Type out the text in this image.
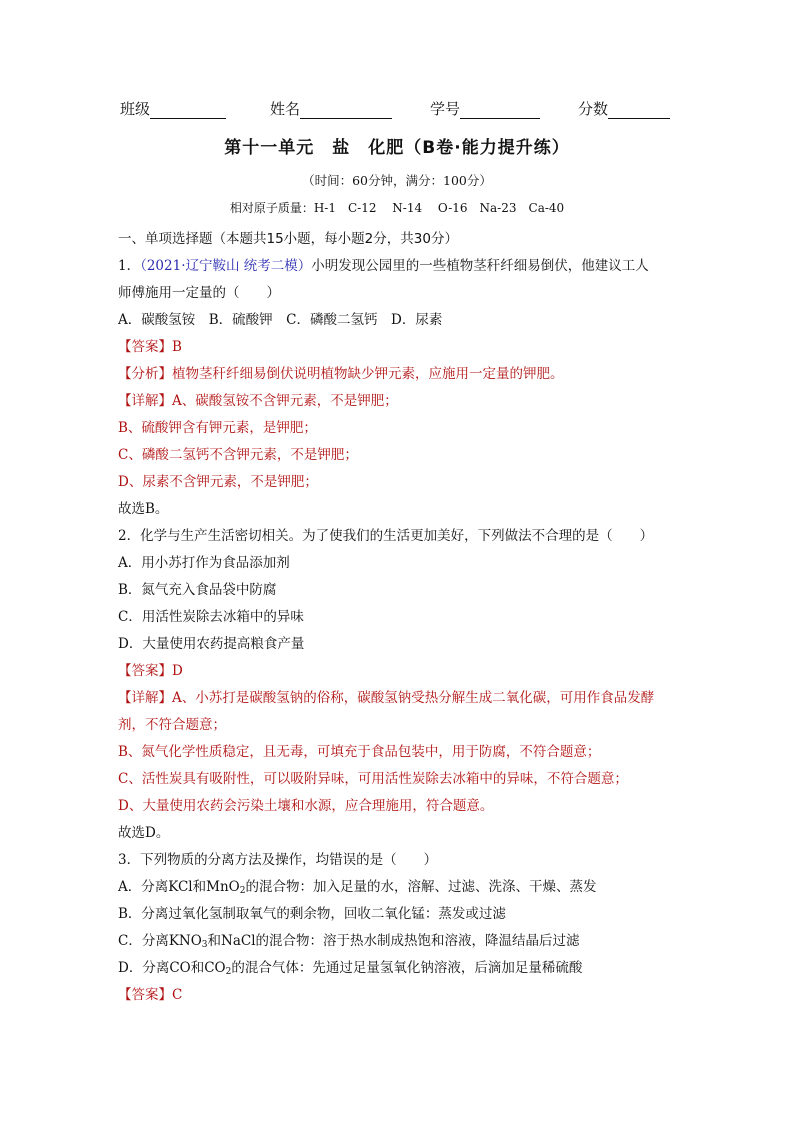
班级	姓名	学号	分数
第十一单元　盐　化肥（B卷·能力提升练）
（时间：60分钟，满分：100分）
相对原子质量：H-1　C-12　 N-14　 O-16　Na-23　Ca-40
一、单项选择题（本题共15小题，每小题2分，共30分）
1．（2021·辽宁鞍山 统考二模）小明发现公园里的一些植物茎秆纤细易倒伏，他建议工人
师傅施用一定量的（　　）
A．碳酸氢铵　B．硫酸钾　C．磷酸二氢钙　D．尿素
【答案】B
【分析】植物茎秆纤细易倒伏说明植物缺少钾元素，应施用一定量的钾肥。
【详解】A、碳酸氢铵不含钾元素，不是钾肥；
B、硫酸钾含有钾元素，是钾肥；
C、磷酸二氢钙不含钾元素，不是钾肥；
D、尿素不含钾元素，不是钾肥；
故选B。
2．化学与生产生活密切相关。为了使我们的生活更加美好，下列做法不合理的是（　　）
A．用小苏打作为食品添加剂
B．氮气充入食品袋中防腐
C．用活性炭除去冰箱中的异味
D．大量使用农药提高粮食产量
【答案】D
【详解】A、小苏打是碳酸氢钠的俗称，碳酸氢钠受热分解生成二氧化碳，可用作食品发酵
剂，不符合题意；
B、氮气化学性质稳定，且无毒，可填充于食品包装中，用于防腐，不符合题意；
C、活性炭具有吸附性，可以吸附异味，可用活性炭除去冰箱中的异味，不符合题意；
D、大量使用农药会污染土壤和水源，应合理施用，符合题意。
故选D。
3．下列物质的分离方法及操作，均错误的是（　　）
A．分离KCl和MnO$_2$的混合物：加入足量的水，溶解、过滤、洗涤、干燥、蒸发
B．分离过氧化氢制取氧气的剩余物，回收二氧化锰：蒸发或过滤
C．分离$KNO_3$和NaCl的混合物：溶于热水制成热饱和溶液，降温结晶后过滤
D．分离CO和$CO_2$的混合气体：先通过足量氢氧化钠溶液，后滴加足量稀硫酸
【答案】C
